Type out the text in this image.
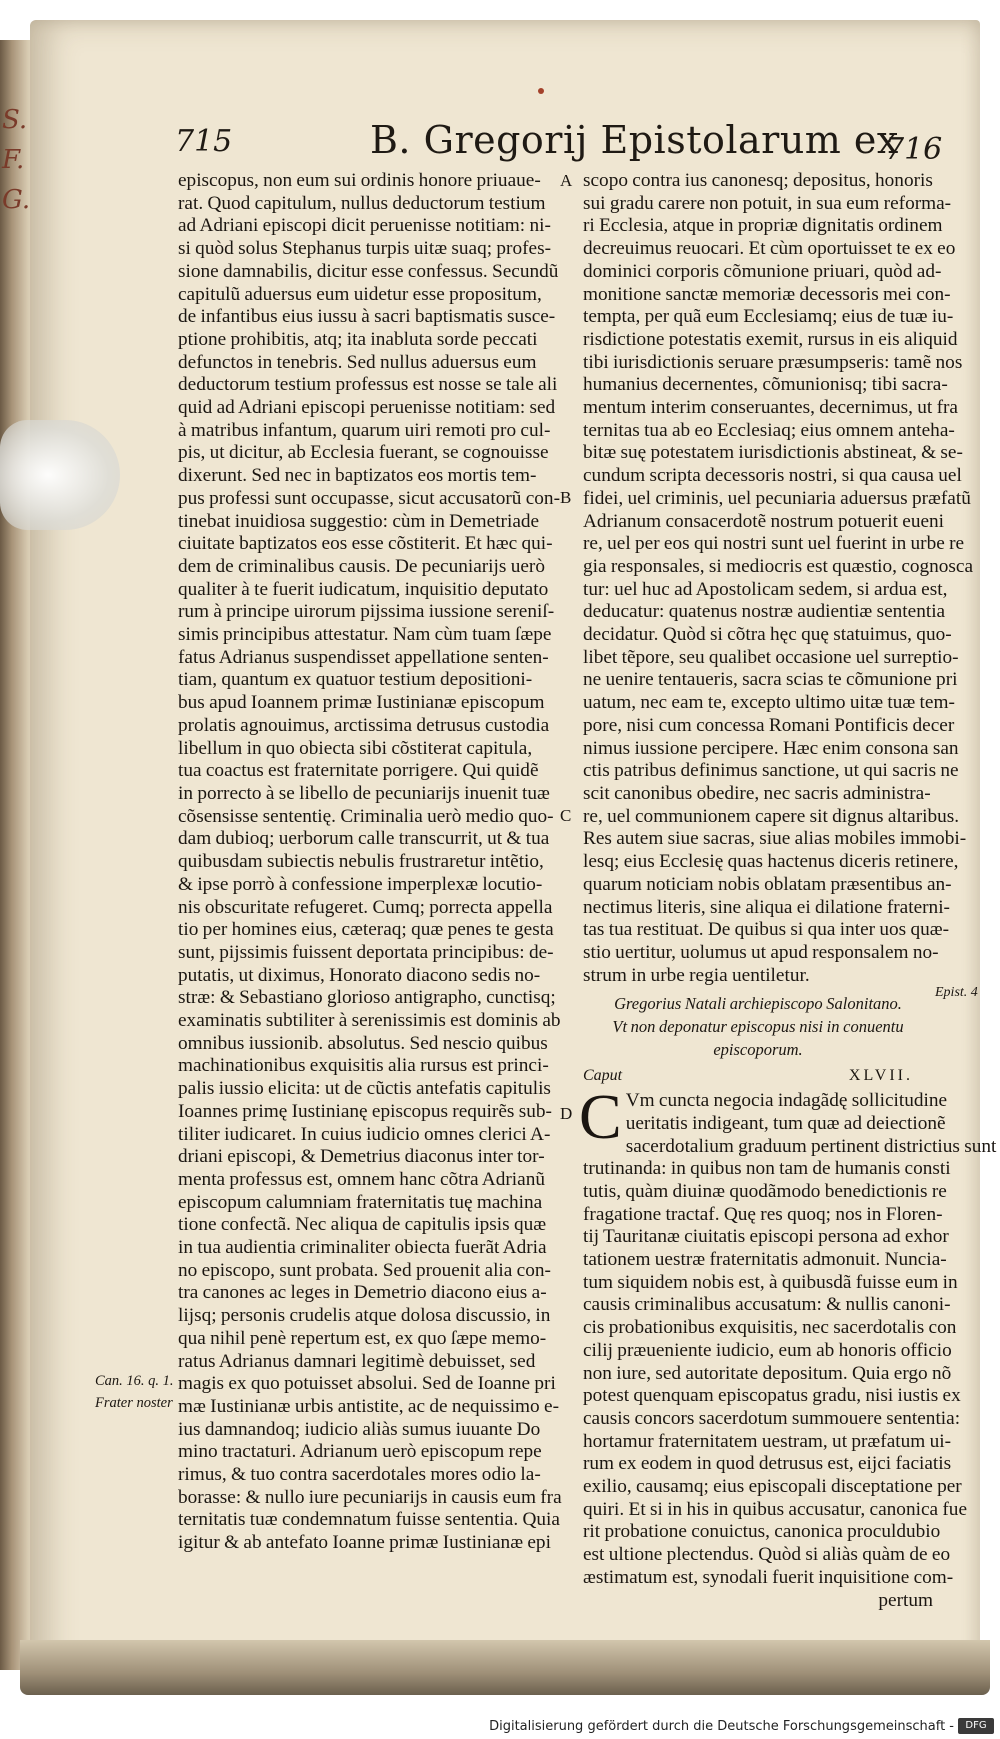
S. F. G.
715	B. Gregorij Epistolarum ex
716
episcopus, non eum sui ordinis honore priuaue-
rat. Quod capitulum, nullus deductorum testium
ad Adriani episcopi dicit peruenisse notitiam: ni-
si quòd solus Stephanus turpis uitæ suaq; profes-
sione damnabilis, dicitur esse confessus. Secundũ
capitulũ aduersus eum uidetur esse propositum,
de infantibus eius iussu à sacri baptismatis susce-
ptione prohibitis, atq; ita inabluta sorde peccati
defunctos in tenebris. Sed nullus aduersus eum
deductorum testium professus est nosse se tale ali
quid ad Adriani episcopi peruenisse notitiam: sed
à matribus infantum, quarum uiri remoti pro cul-
pis, ut dicitur, ab Ecclesia fuerant, se cognouisse
dixerunt. Sed nec in baptizatos eos mortis tem-
pus professi sunt occupasse, sicut accusatorũ con-
tinebat inuidiosa suggestio: cùm in Demetriade
ciuitate baptizatos eos esse cõstiterit. Et hæc qui-
dem de criminalibus causis. De pecuniarijs uerò
qualiter à te fuerit iudicatum, inquisitio deputato
rum à principe uirorum pijssima iussione sereniſ-
simis principibus attestatur. Nam cùm tuam ſæpe
fatus Adrianus suspendisset appellatione senten-
tiam, quantum ex quatuor testium depositioni-
bus apud Ioannem primæ Iustinianæ episcopum
prolatis agnouimus, arctissima detrusus custodia
libellum in quo obiecta sibi cõstiterat capitula,
tua coactus est fraternitate porrigere. Qui quidẽ
in porrecto à se libello de pecuniarijs inuenit tuæ
cõsensisse sententię. Criminalia uerò medio quo-
dam dubioq; uerborum calle transcurrit, ut & tua
quibusdam subiectis nebulis frustraretur intẽtio,
& ipse porrò à confessione imperplexæ locutio-
nis obscuritate refugeret. Cumq; porrecta appella
tio per homines eius, cæteraq; quæ penes te gesta
sunt, pijssimis fuissent deportata principibus: de-
putatis, ut diximus, Honorato diacono sedis no-
stræ: & Sebastiano glorioso antigrapho, cunctisq;
examinatis subtiliter à serenissimis est dominis ab
omnibus iussionib. absolutus. Sed nescio quibus
machinationibus exquisitis alia rursus est princi-
palis iussio elicita: ut de cũctis antefatis capitulis
Ioannes primę Iustinianę episcopus requirẽs sub-
tiliter iudicaret. In cuius iudicio omnes clerici A-
driani episcopi, & Demetrius diaconus inter tor-
menta professus est, omnem hanc cõtra Adrianũ
episcopum calumniam fraternitatis tuę machina
tione confectã. Nec aliqua de capitulis ipsis quæ
in tua audientia criminaliter obiecta fuerãt Adria
no episcopo, sunt probata. Sed prouenit alia con-
tra canones ac leges in Demetrio diacono eius a-
lijsq; personis crudelis atque dolosa discussio, in
qua nihil penè repertum est, ex quo ſæpe memo-
ratus Adrianus damnari legitimè debuisset, sed
magis ex quo potuisset absolui. Sed de Ioanne pri
mæ Iustinianæ urbis antistite, ac de nequissimo e-
ius damnandoq; iudicio aliàs sumus iuuante Do
mino tractaturi. Adrianum uerò episcopum repe
rimus, & tuo contra sacerdotales mores odio la-
borasse: & nullo iure pecuniarijs in causis eum fra
ternitatis tuæ condemnatum fuisse sententia. Quia
igitur & ab antefato Ioanne primæ Iustinianæ epi
scopo contra ius canonesq; depositus, honoris
sui gradu carere non potuit, in sua eum reforma-
ri Ecclesia, atque in propriæ dignitatis ordinem
decreuimus reuocari. Et cùm oportuisset te ex eo
dominici corporis cõmunione priuari, quòd ad-
monitione sanctæ memoriæ decessoris mei con-
tempta, per quã eum Ecclesiamq; eius de tuæ iu-
risdictione potestatis exemit, rursus in eis aliquid
tibi iurisdictionis seruare præsumpseris: tamẽ nos
humanius decernentes, cõmunionisq; tibi sacra-
mentum interim conseruantes, decernimus, ut fra
ternitas tua ab eo Ecclesiaq; eius omnem anteha-
bitæ suę potestatem iurisdictionis abstineat, & se-
cundum scripta decessoris nostri, si qua causa uel
fidei, uel criminis, uel pecuniaria aduersus præfatũ
Adrianum consacerdotẽ nostrum potuerit eueni
re, uel per eos qui nostri sunt uel fuerint in urbe re
gia responsales, si mediocris est quæstio, cognosca
tur: uel huc ad Apostolicam sedem, si ardua est,
deducatur: quatenus nostræ audientiæ sententia
decidatur. Quòd si cõtra hęc quę statuimus, quo-
libet tẽpore, seu qualibet occasione uel surreptio-
ne uenire tentaueris, sacra scias te cõmunione pri
uatum, nec eam te, excepto ultimo uitæ tuæ tem-
pore, nisi cum concessa Romani Pontificis decer
nimus iussione percipere. Hæc enim consona san
ctis patribus definimus sanctione, ut qui sacris ne
scit canonibus obedire, nec sacris administra-
re, uel communionem capere sit dignus altaribus.
Res autem siue sacras, siue alias mobiles immobi-
lesq; eius Ecclesię quas hactenus diceris retinere,
quarum noticiam nobis oblatam præsentibus an-
nectimus literis, sine aliqua ei dilatione fraterni-
tas tua restituat. De quibus si qua inter uos quæ-
stio uertitur, uolumus ut apud responsalem no-
strum in urbe regia uentiletur.
Gregorius Natali archiepiscopo Salonitano.
Vt non deponatur episcopus nisi in conuentu episcoporum.
Caput	XLVII.
C Vm cuncta negocia indagãdę sollicitudine
ueritatis indigeant, tum quæ ad deiectionẽ
sacerdotalium graduum pertinent districtius sunt
trutinanda: in quibus non tam de humanis consti
tutis, quàm diuinæ quodãmodo benedictionis re
fragatione tractaf. Quę res quoq; nos in Floren-
tij Tauritanæ ciuitatis episcopi persona ad exhor
tationem uestræ fraternitatis admonuit. Nuncia-
tum siquidem nobis est, à quibusdã fuisse eum in
causis criminalibus accusatum: & nullis canoni-
cis probationibus exquisitis, nec sacerdotalis con
cilij præueniente iudicio, eum ab honoris officio
non iure, sed autoritate depositum. Quia ergo nõ
potest quenquam episcopatus gradu, nisi iustis ex
causis concors sacerdotum summouere sententia:
hortamur fraternitatem uestram, ut præfatum ui-
rum ex eodem in quod detrusus est, eijci faciatis
exilio, causamq; eius episcopali disceptatione per
quiri. Et si in his in quibus accusatur, canonica fue
rit probatione conuictus, canonica proculdubio
est ultione plectendus. Quòd si aliàs quàm de eo
æstimatum est, synodali fuerit inquisitione com-
pertum
A
B
C
D
Can. 16. q. 1.
Frater noster
Epist. 4
Digitalisierung gefördert durch die Deutsche Forschungsgemeinschaft -	DFG
